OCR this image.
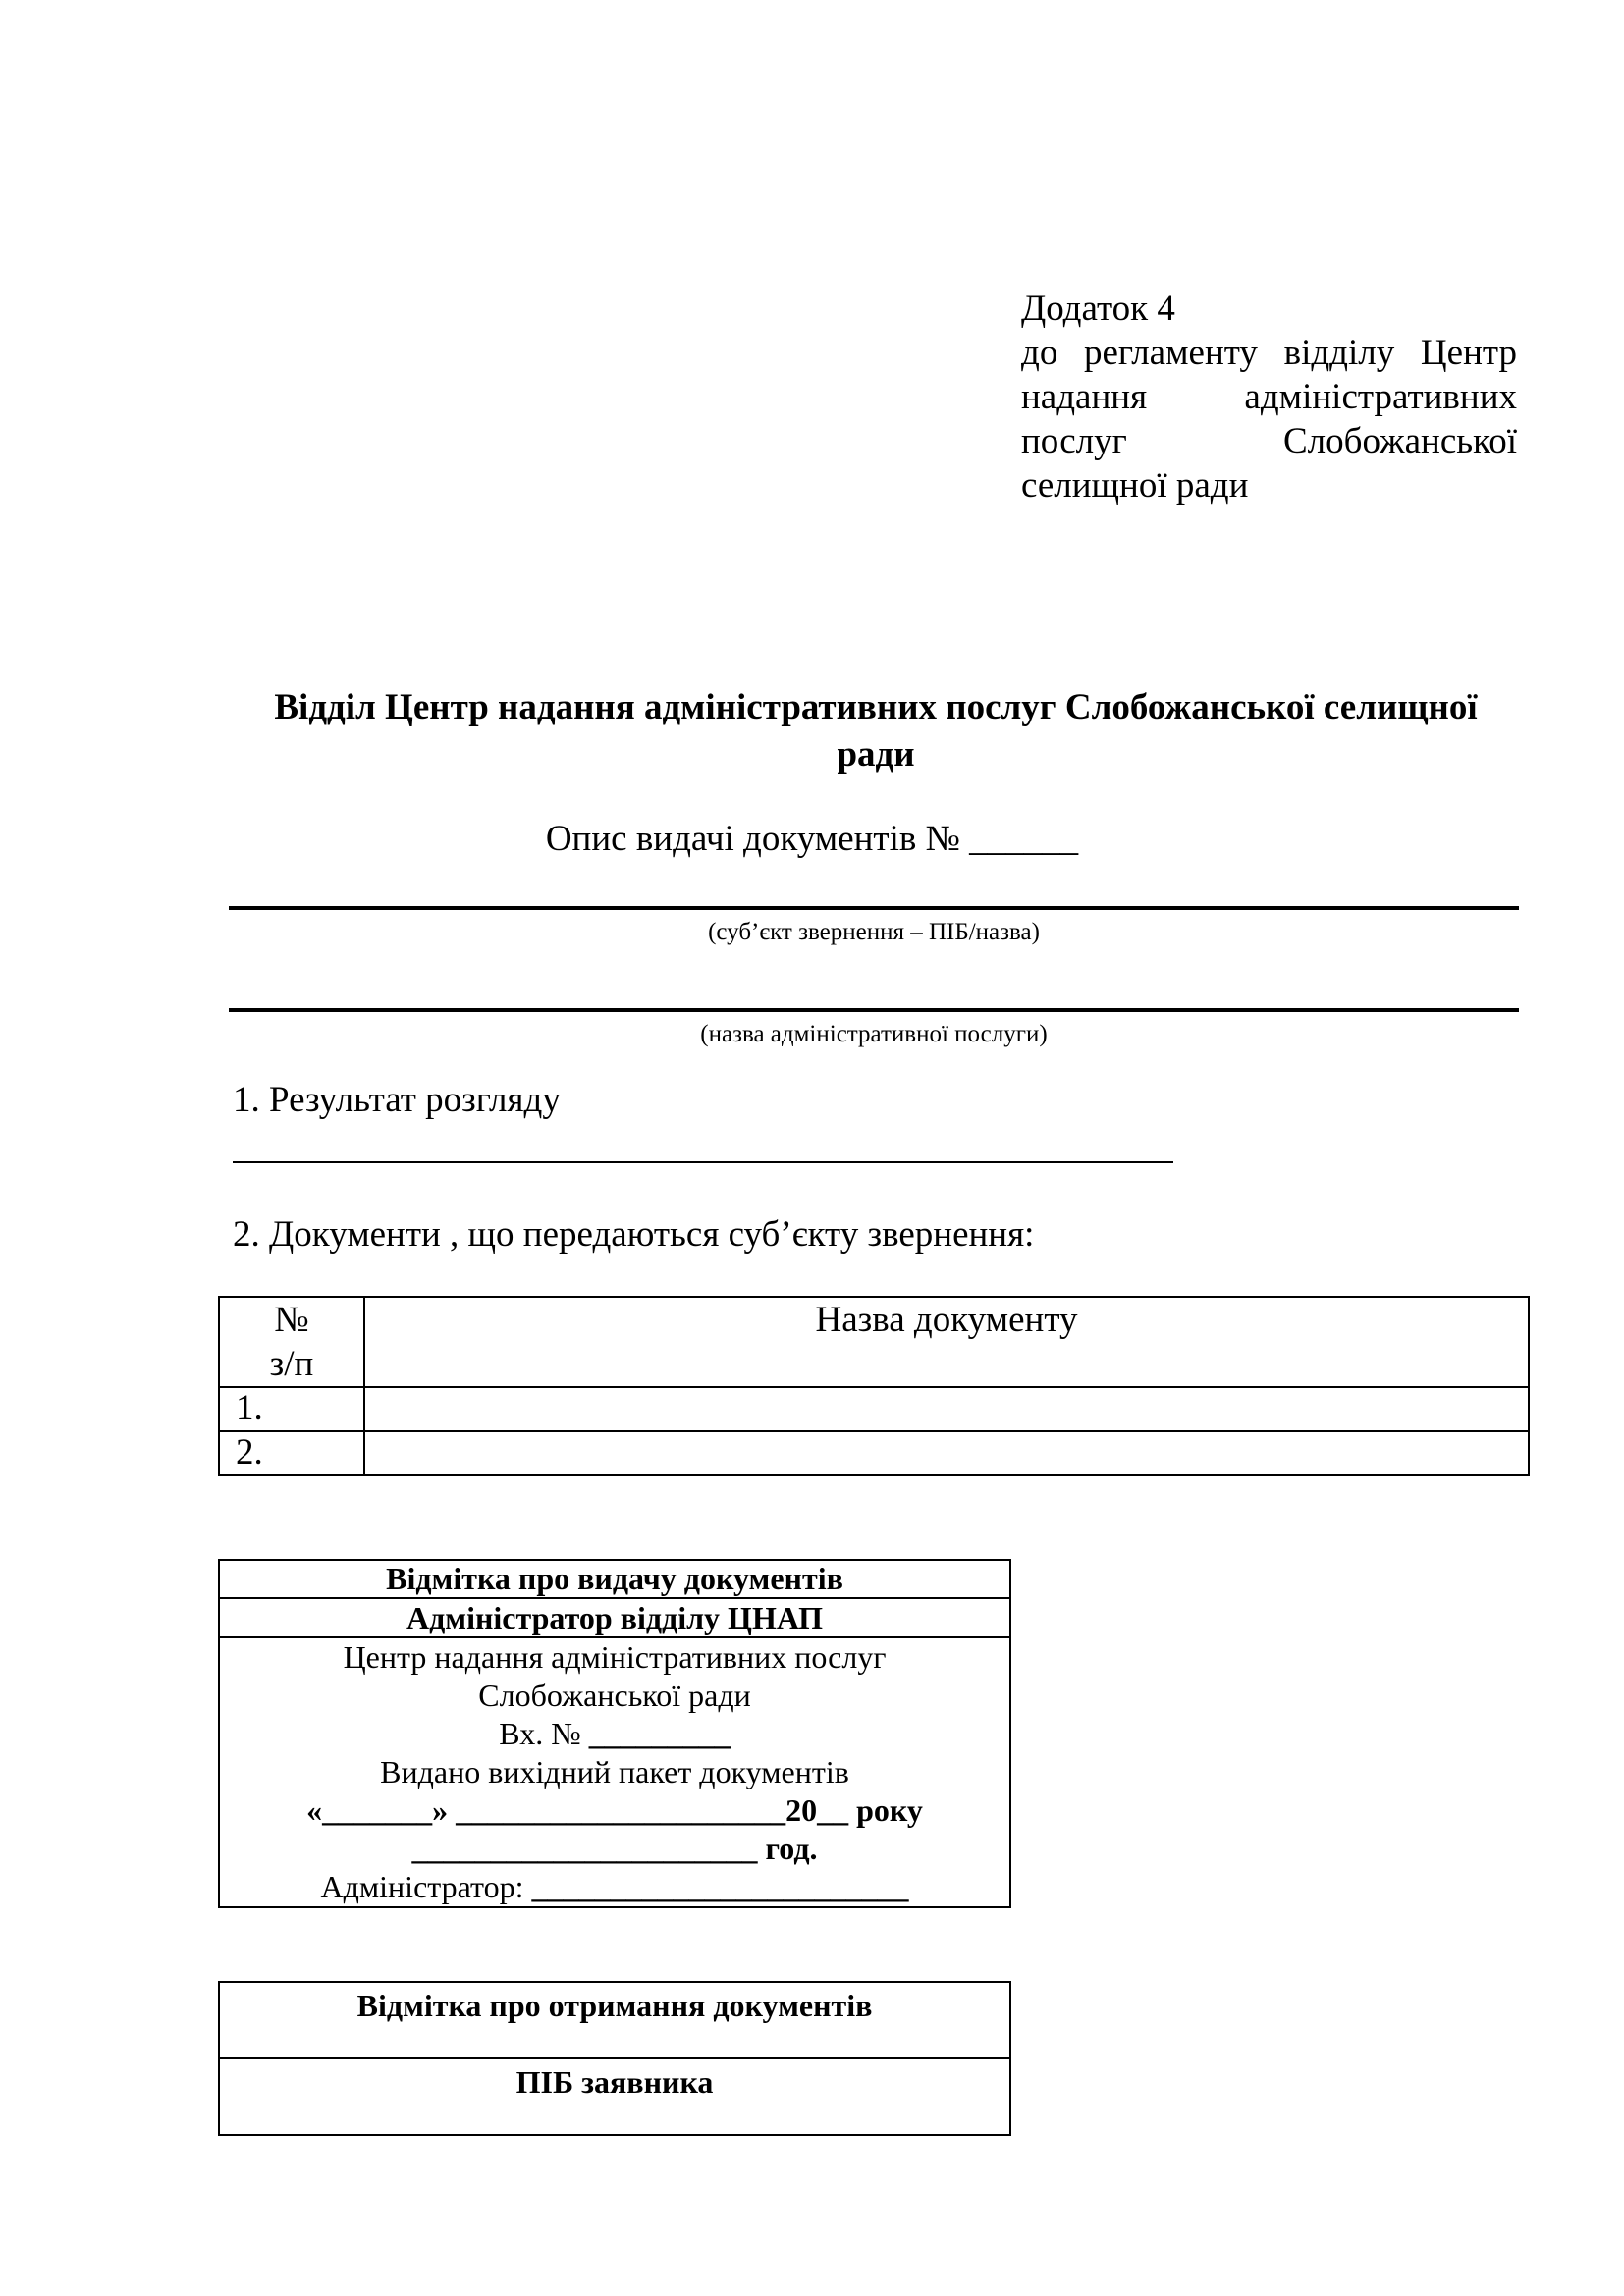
Додаток 4
до регламенту відділу Центр
надання адміністративних
послуг Слобожанської
селищної ради
Відділ Центр надання адміністративних послуг Слобожанської селищної
ради
Опис видачі документів № ______
(суб’єкт звернення – ПІБ/назва)
(назва адміністративної послуги)
1. Результат розгляду
2. Документи , що передаються суб’єкту звернення:
№
з/п	Назва документу

1.	
2.	
Відмітка про видачу документів
Адміністратор відділу ЦНАП

Центр надання адміністративних послуг
Слобожанської ради
Вх. № _________
Видано вихідний пакет документів
«_______» _____________________20__ року
______________________ год.
Адміністратор: ________________________
Відмітка про отримання документів
ПІБ заявника
